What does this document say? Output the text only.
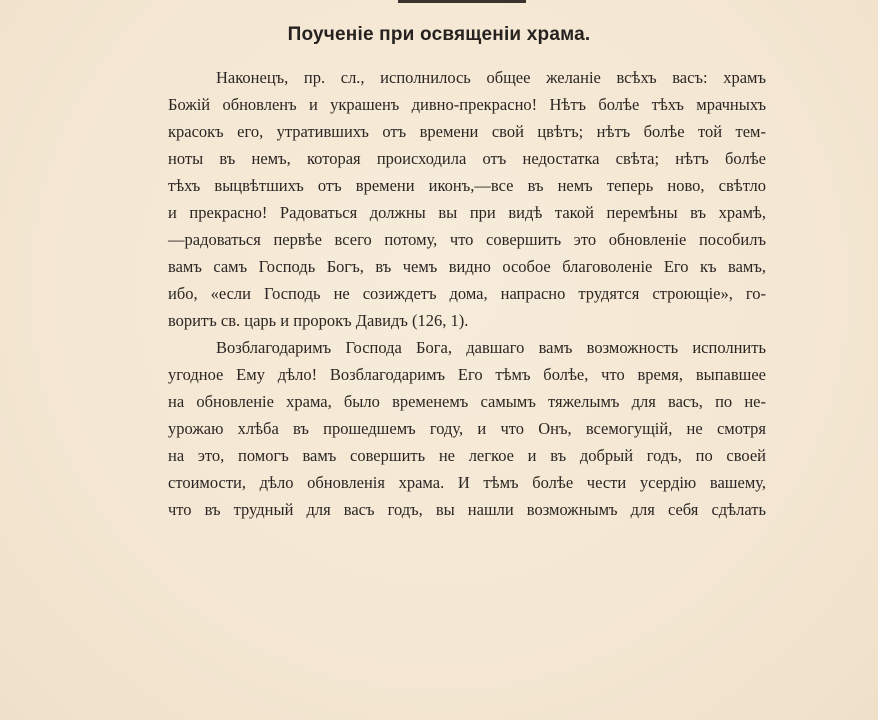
Поученіе при освященіи храма.
Наконецъ, пр. сл., исполнилось общее желаніе всѣхъ васъ: храмъ
Божій обновленъ и украшенъ дивно-прекрасно! Нѣтъ болѣе тѣхъ мрачныхъ
красокъ его, утратившихъ отъ времени свой цвѣтъ; нѣтъ болѣе той тем-
ноты въ немъ, которая происходила отъ недостатка свѣта; нѣтъ болѣе
тѣхъ выцвѣтшихъ отъ времени иконъ,—все въ немъ теперь ново, свѣтло
и прекрасно! Радоваться должны вы при видѣ такой перемѣны въ храмѣ,
—радоваться первѣе всего потому, что совершить это обновленіе пособилъ
вамъ самъ Господь Богъ, въ чемъ видно особое благоволеніе Его къ вамъ,
ибо, «если Господь не созиждетъ дома, напрасно трудятся строющіе», го-
воритъ св. царь и пророкъ Давидъ (126, 1).
Возблагодаримъ Господа Бога, давшаго вамъ возможность исполнить
угодное Ему дѣло! Возблагодаримъ Его тѣмъ болѣе, что время, выпавшее
на обновленіе храма, было временемъ самымъ тяжелымъ для васъ, по не-
урожаю хлѣба въ прошедшемъ году, и что Онъ, всемогущій, не смотря
на это, помогъ вамъ совершить не легкое и въ добрый годъ, по своей
стоимости, дѣло обновленія храма. И тѣмъ болѣе чести усердію вашему,
что въ трудный для васъ годъ, вы нашли возможнымъ для себя сдѣлать
